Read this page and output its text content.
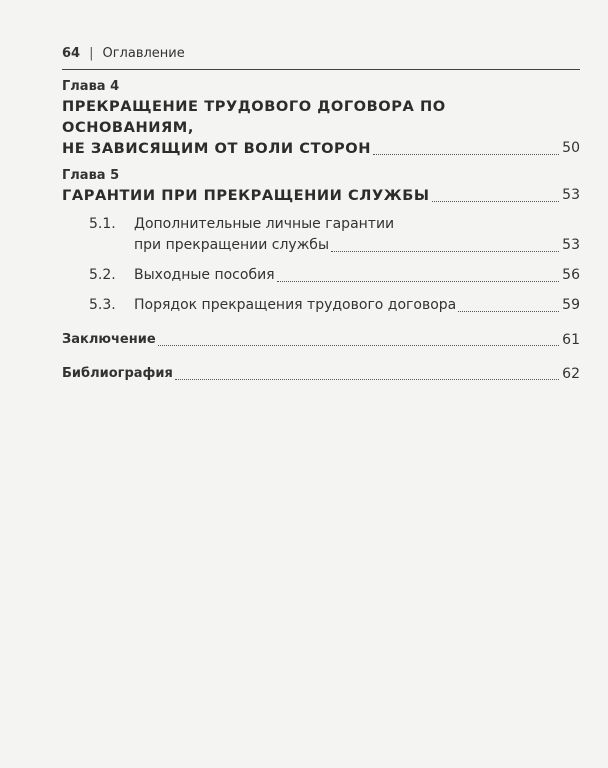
64 | Оглавление
Глава 4
ПРЕКРАЩЕНИЕ ТРУДОВОГО ДОГОВОРА ПО ОСНОВАНИЯМ,
НЕ ЗАВИСЯЩИМ ОТ ВОЛИ СТОРОН	50
Глава 5
ГАРАНТИИ ПРИ ПРЕКРАЩЕНИИ СЛУЖБЫ	53
5.1.	Дополнительные личные гарантии
при прекращении службы	53
5.2.	Выходные пособия	56
5.3.	Порядок прекращения трудового договора	59
Заключение	61
Библиография	62
